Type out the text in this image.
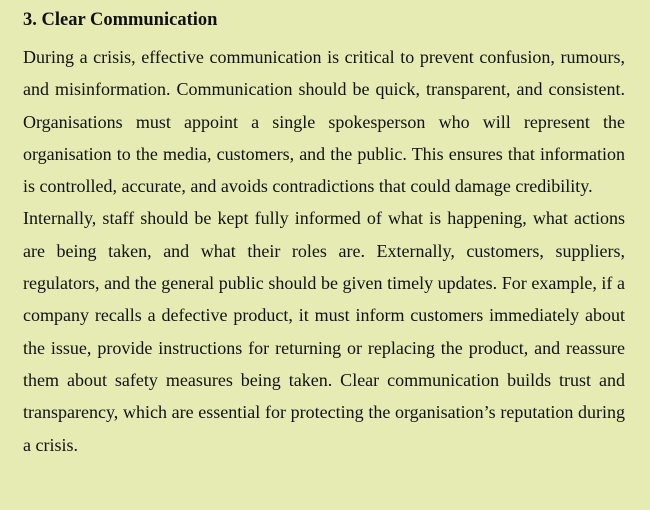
3. Clear Communication

During a crisis, effective communication is critical to prevent confusion, rumours, and misinformation. Communication should be quick, transparent, and consistent. Organisations must appoint a single spokesperson who will represent the organisation to the media, customers, and the public. This ensures that information is controlled, accurate, and avoids contradictions that could damage credibility.

Internally, staff should be kept fully informed of what is happening, what actions are being taken, and what their roles are. Externally, customers, suppliers, regulators, and the general public should be given timely updates. For example, if a company recalls a defective product, it must inform customers immediately about the issue, provide instructions for returning or replacing the product, and reassure them about safety measures being taken. Clear communication builds trust and transparency, which are essential for protecting the organisation’s reputation during a crisis.
